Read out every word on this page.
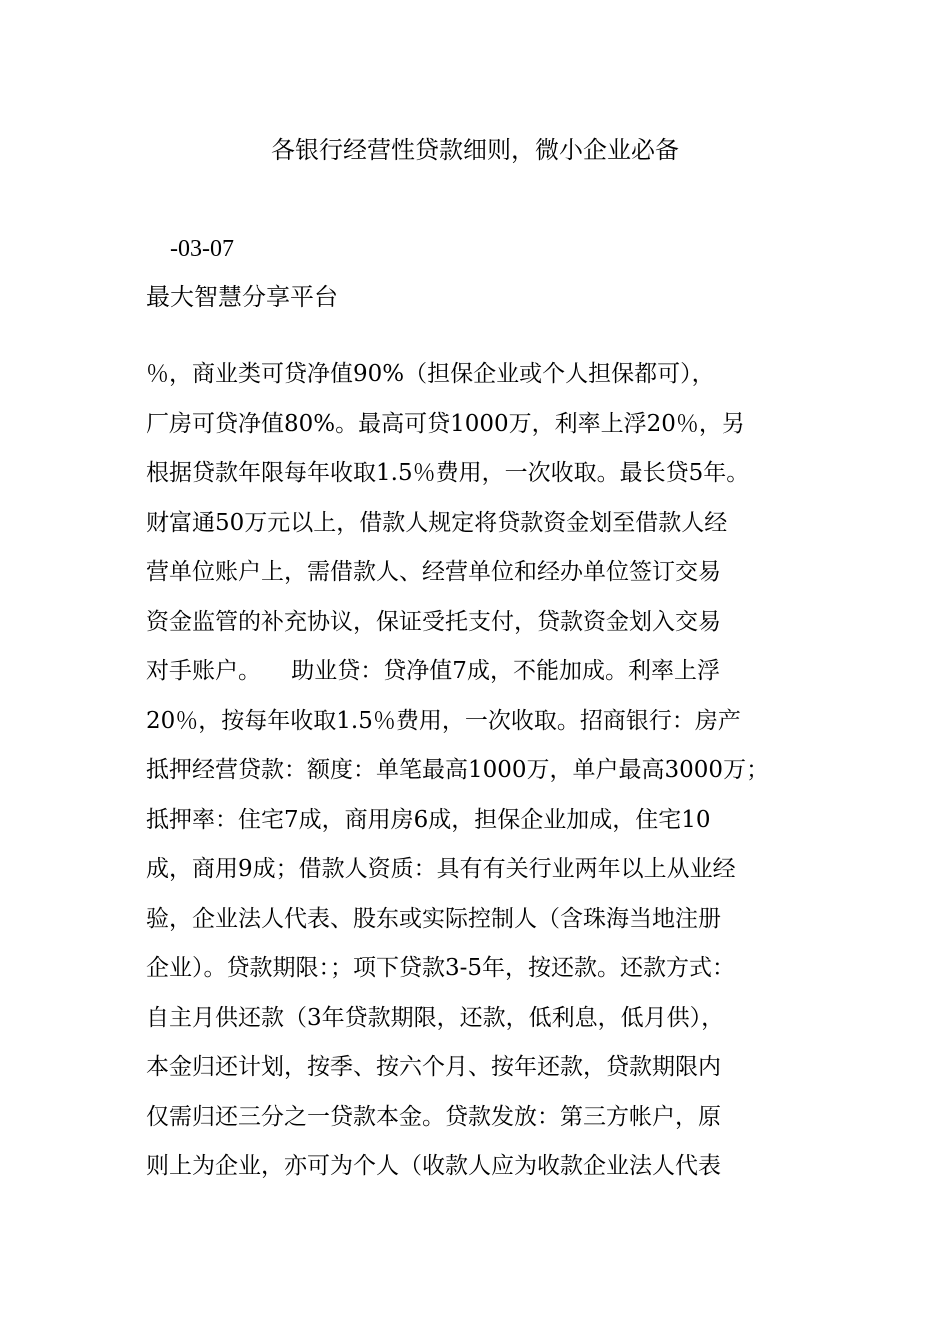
各银行经营性贷款细则，微小企业必备
-03-07
最大智慧分享平台
％，商业类可贷净值90%（担保企业或个人担保都可），
厂房可贷净值80%。最高可贷1000万，利率上浮20％，另
根据贷款年限每年收取1.5％费用，一次收取。最长贷5年。
财富通50万元以上，借款人规定将贷款资金划至借款人经
营单位账户上，需借款人、经营单位和经办单位签订交易
资金监管的补充协议，保证受托支付，贷款资金划入交易
对手账户。 　助业贷：贷净值7成，不能加成。利率上浮
20％，按每年收取1.5％费用，一次收取。招商银行：房产
抵押经营贷款：额度：单笔最高1000万，单户最高3000万；
抵押率：住宅7成，商用房6成，担保企业加成，住宅10
成，商用9成；借款人资质：具有有关行业两年以上从业经
验，企业法人代表、股东或实际控制人（含珠海当地注册
企业）。贷款期限：；项下贷款3-5年，按还款。还款方式：
自主月供还款（3年贷款期限，还款，低利息，低月供），
本金归还计划，按季、按六个月、按年还款，贷款期限内
仅需归还三分之一贷款本金。贷款发放：第三方帐户，原
则上为企业，亦可为个人（收款人应为收款企业法人代表
